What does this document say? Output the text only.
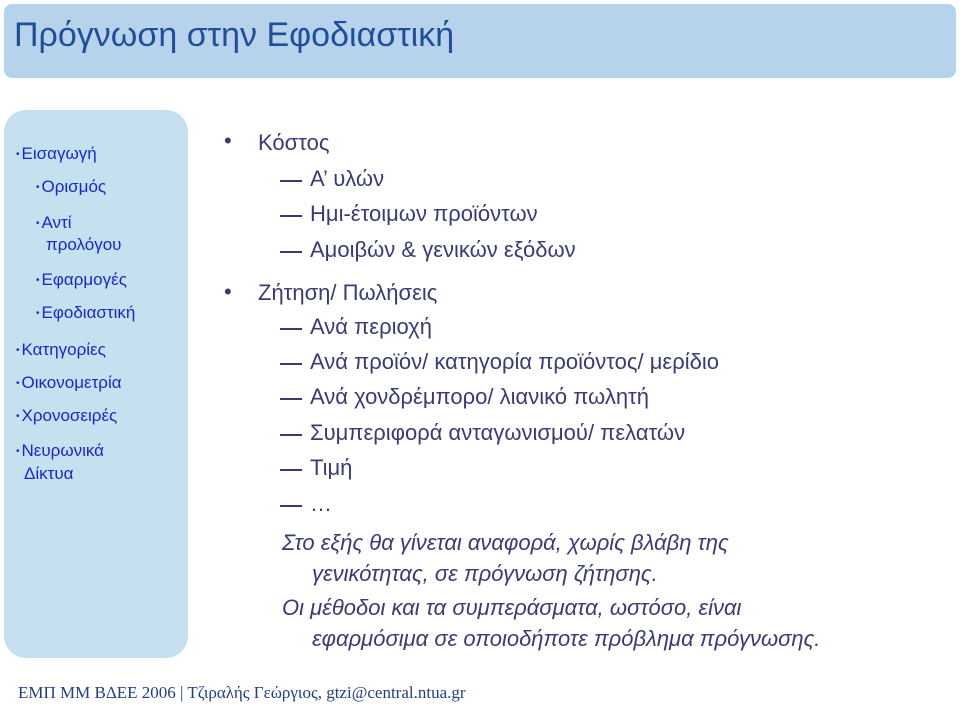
Πρόγνωση στην Εφοδιαστική
• Εισαγωγή
• Ορισμός
• Αντί
προλόγου
• Εφαρμογές
• Εφοδιαστική
• Κατηγορίες
• Οικονομετρία
• Χρονοσειρές
• Νευρωνικά
Δίκτυα
• Κόστος
Α’ υλών
Ημι-έτοιμων προϊόντων
Αμοιβών & γενικών εξόδων
• Ζήτηση/ Πωλήσεις
Ανά περιοχή
Ανά προϊόν/ κατηγορία προϊόντος/ μερίδιο
Ανά χονδρέμπορο/ λιανικό πωλητή
Συμπεριφορά ανταγωνισμού/ πελατών
Τιμή
…
Στο εξής θα γίνεται αναφορά, χωρίς βλάβη της
γενικότητας, σε πρόγνωση ζήτησης.
Οι μέθοδοι και τα συμπεράσματα, ωστόσο, είναι
εφαρμόσιμα σε οποιοδήποτε πρόβλημα πρόγνωσης.
ΕΜΠ ΜΜ ΒΔΕΕ 2006 | Τζιραλής Γεώργιος, gtzi@central.ntua.gr
